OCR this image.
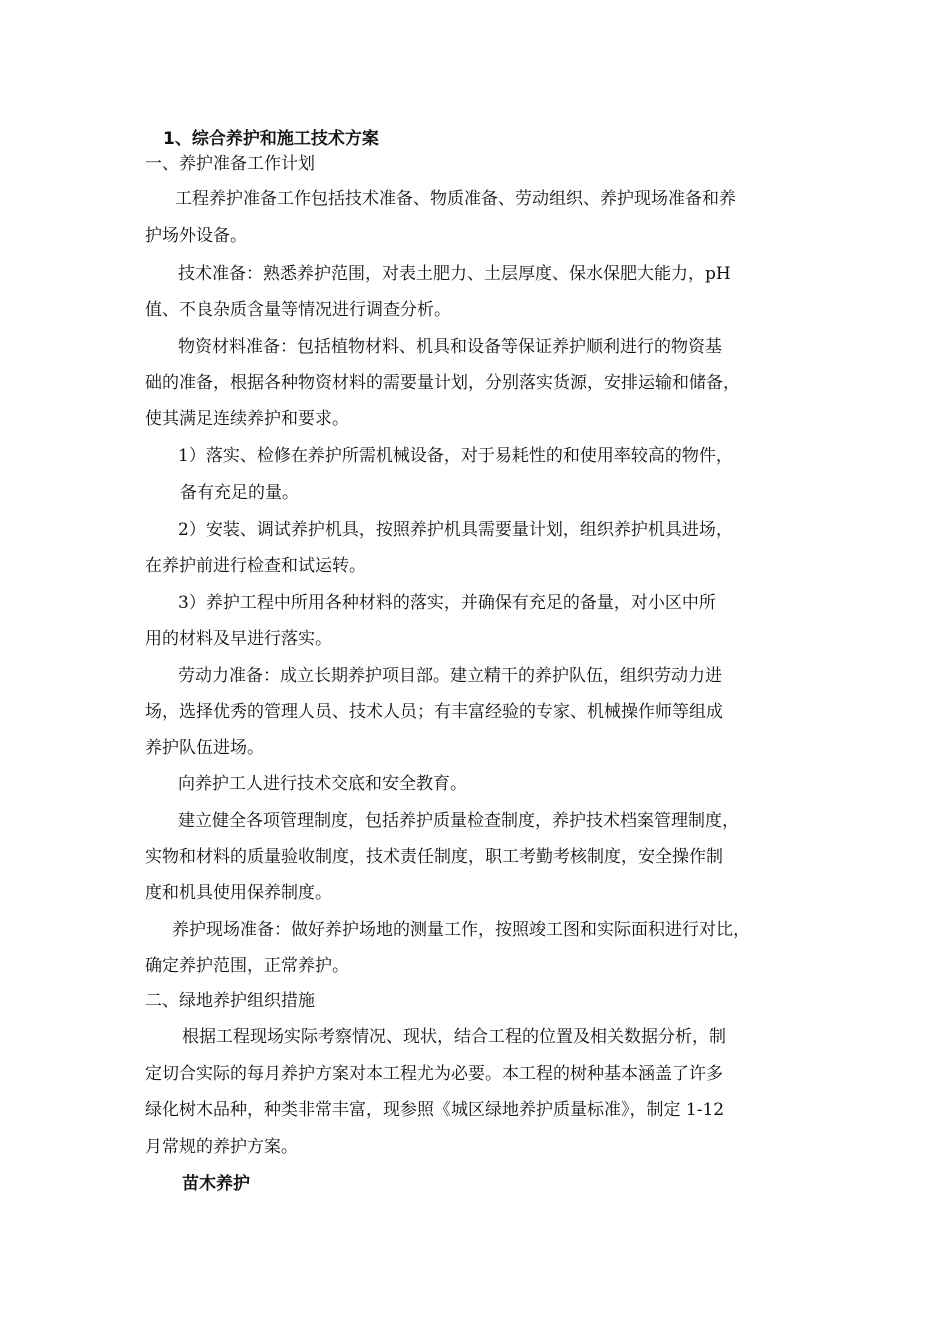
1、综合养护和施工技术方案
一、养护准备工作计划
工程养护准备工作包括技术准备、物质准备、劳动组织、养护现场准备和养
护场外设备。
技术准备：熟悉养护范围，对表土肥力、土层厚度、保水保肥大能力，pH
值、不良杂质含量等情况进行调查分析。
物资材料准备：包括植物材料、机具和设备等保证养护顺利进行的物资基
础的准备，根据各种物资材料的需要量计划，分别落实货源，安排运输和储备，
使其满足连续养护和要求。
1）落实、检修在养护所需机械设备，对于易耗性的和使用率较高的物件，
备有充足的量。
2）安装、调试养护机具，按照养护机具需要量计划，组织养护机具进场，
在养护前进行检查和试运转。
3）养护工程中所用各种材料的落实，并确保有充足的备量，对小区中所
用的材料及早进行落实。
劳动力准备：成立长期养护项目部。建立精干的养护队伍，组织劳动力进
场，选择优秀的管理人员、技术人员；有丰富经验的专家、机械操作师等组成
养护队伍进场。
向养护工人进行技术交底和安全教育。
建立健全各项管理制度，包括养护质量检查制度，养护技术档案管理制度，
实物和材料的质量验收制度，技术责任制度，职工考勤考核制度，安全操作制
度和机具使用保养制度。
养护现场准备：做好养护场地的测量工作，按照竣工图和实际面积进行对比，
确定养护范围，正常养护。
二、绿地养护组织措施
根据工程现场实际考察情况、现状，结合工程的位置及相关数据分析，制
定切合实际的每月养护方案对本工程尤为必要。本工程的树种基本涵盖了许多
绿化树木品种，种类非常丰富，现参照《城区绿地养护质量标准》，制定 1-12
月常规的养护方案。
苗木养护
